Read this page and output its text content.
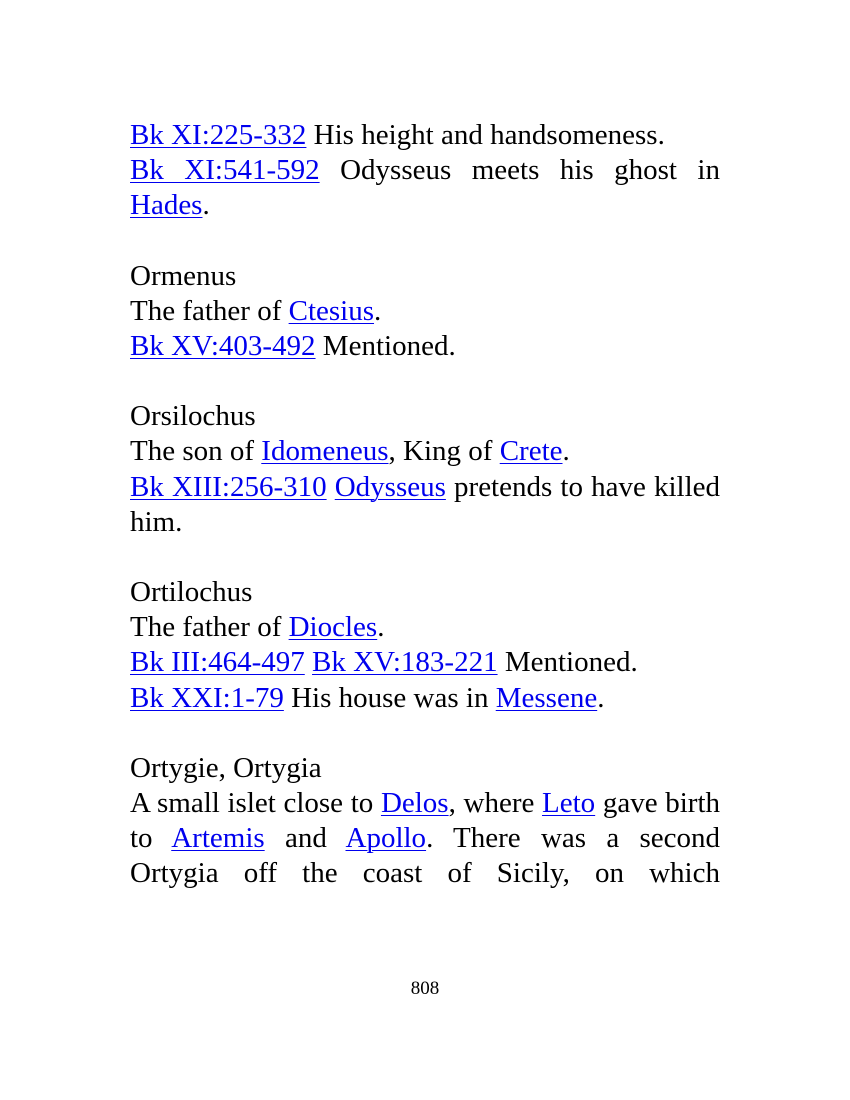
Bk XI:225-332 His height and handsomeness.
Bk XI:541-592 Odysseus meets his ghost in Hades.
Ormenus
The father of Ctesius.
Bk XV:403-492 Mentioned.
Orsilochus
The son of Idomeneus, King of Crete.
Bk XIII:256-310 Odysseus pretends to have killed him.
Ortilochus
The father of Diocles.
Bk III:464-497 Bk XV:183-221 Mentioned.
Bk XXI:1-79 His house was in Messene.
Ortygie, Ortygia
A small islet close to Delos, where Leto gave birth to Artemis and Apollo. There was a second Ortygia off the coast of Sicily, on which
808
